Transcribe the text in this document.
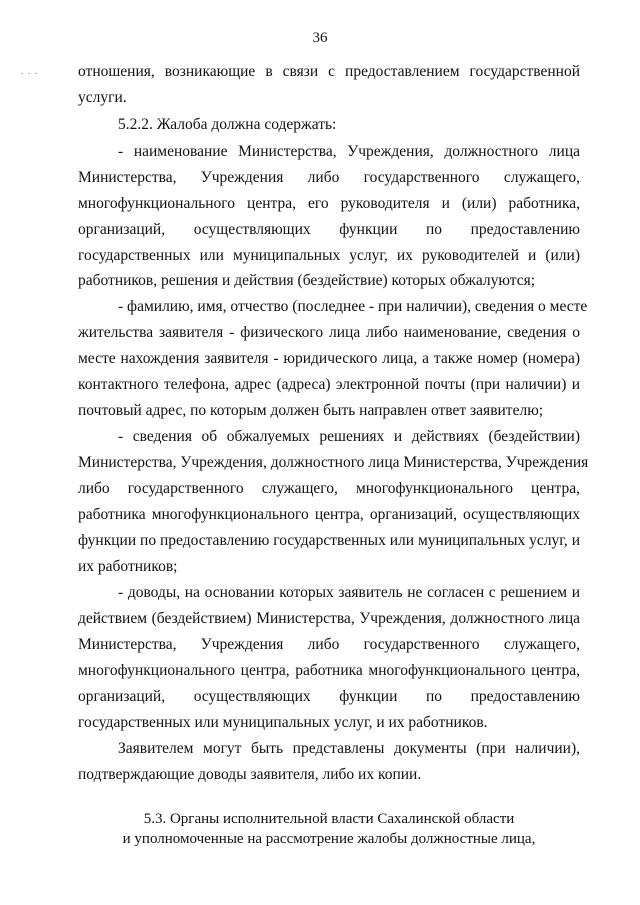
36
· · ·	отношения, возникающие в связи с предоставлением государственной
услуги.
5.2.2. Жалоба должна содержать:
- наименование Министерства, Учреждения, должностного лица
Министерства, Учреждения либо государственного служащего,
многофункционального центра, его руководителя и (или) работника,
организаций, осуществляющих функции по предоставлению
государственных или муниципальных услуг, их руководителей и (или)
работников, решения и действия (бездействие) которых обжалуются;
- фамилию, имя, отчество (последнее - при наличии), сведения о месте
жительства заявителя - физического лица либо наименование, сведения о
месте нахождения заявителя - юридического лица, а также номер (номера)
контактного телефона, адрес (адреса) электронной почты (при наличии) и
почтовый адрес, по которым должен быть направлен ответ заявителю;
- сведения об обжалуемых решениях и действиях (бездействии)
Министерства, Учреждения, должностного лица Министерства, Учреждения
либо государственного служащего, многофункционального центра,
работника многофункционального центра, организаций, осуществляющих
функции по предоставлению государственных или муниципальных услуг, и
их работников;
- доводы, на основании которых заявитель не согласен с решением и
действием (бездействием) Министерства, Учреждения, должностного лица
Министерства, Учреждения либо государственного служащего,
многофункционального центра, работника многофункционального центра,
организаций, осуществляющих функции по предоставлению
государственных или муниципальных услуг, и их работников.
Заявителем могут быть представлены документы (при наличии),
подтверждающие доводы заявителя, либо их копии.
5.3. Органы исполнительной власти Сахалинской области
и уполномоченные на рассмотрение жалобы должностные лица,
